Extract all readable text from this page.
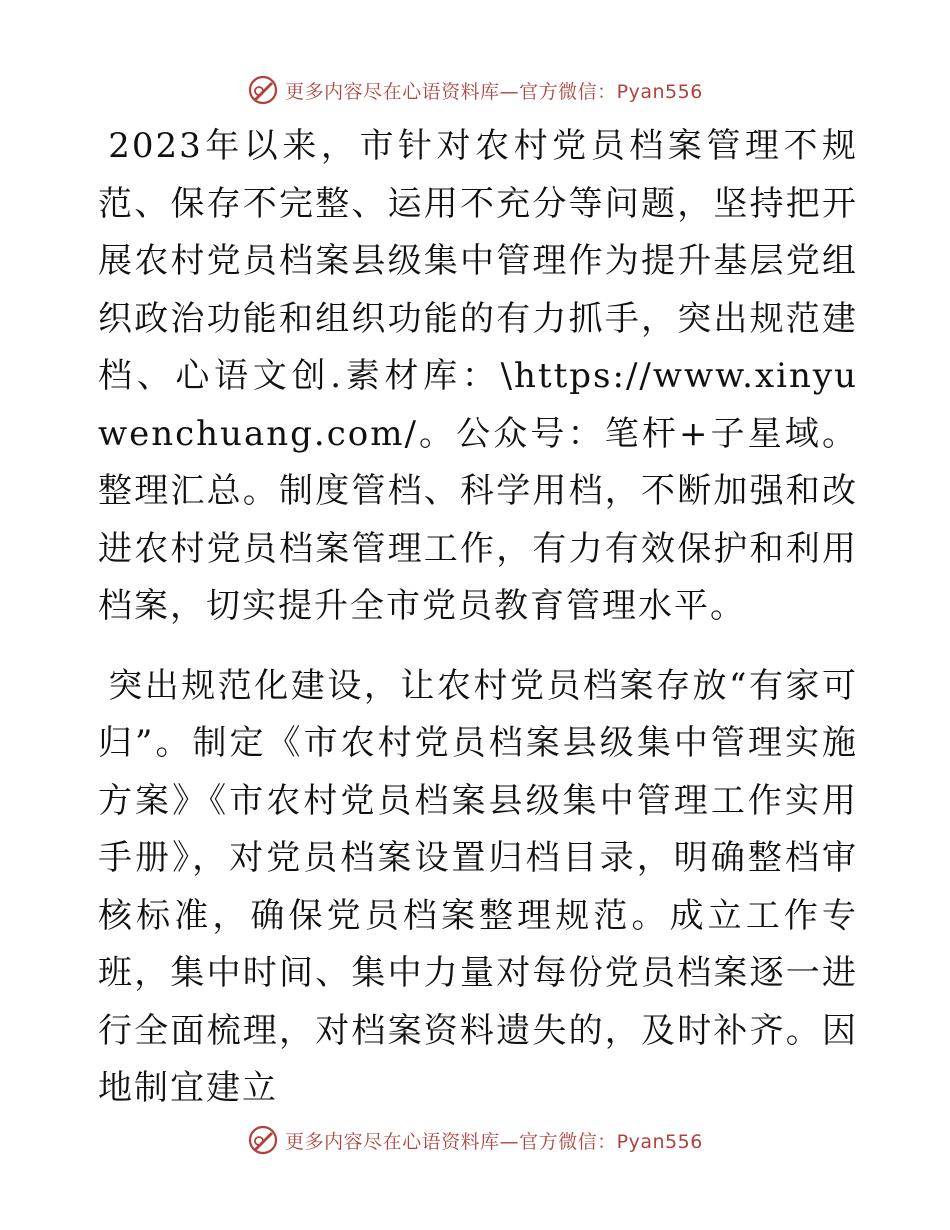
更多内容尽在心语资料库—官方微信：Pyan556

2023年以来，市针对农村党员档案管理不规范、保存不完整、运用不充分等问题，坚持把开展农村党员档案县级集中管理作为提升基层党组织政治功能和组织功能的有力抓手，突出规范建档、心语文创.素材库：\https://www.xinyuwenchuang.com/。公众号：笔杆+子星域。整理汇总。制度管档、科学用档，不断加强和改进农村党员档案管理工作，有力有效保护和利用档案，切实提升全市党员教育管理水平。

突出规范化建设，让农村党员档案存放“有家可归”。制定《市农村党员档案县级集中管理实施方案》《市农村党员档案县级集中管理工作实用手册》，对党员档案设置归档目录，明确整档审核标准，确保党员档案整理规范。成立工作专班，集中时间、集中力量对每份党员档案逐一进行全面梳理，对档案资料遗失的，及时补齐。因地制宜建立

更多内容尽在心语资料库—官方微信：Pyan556
